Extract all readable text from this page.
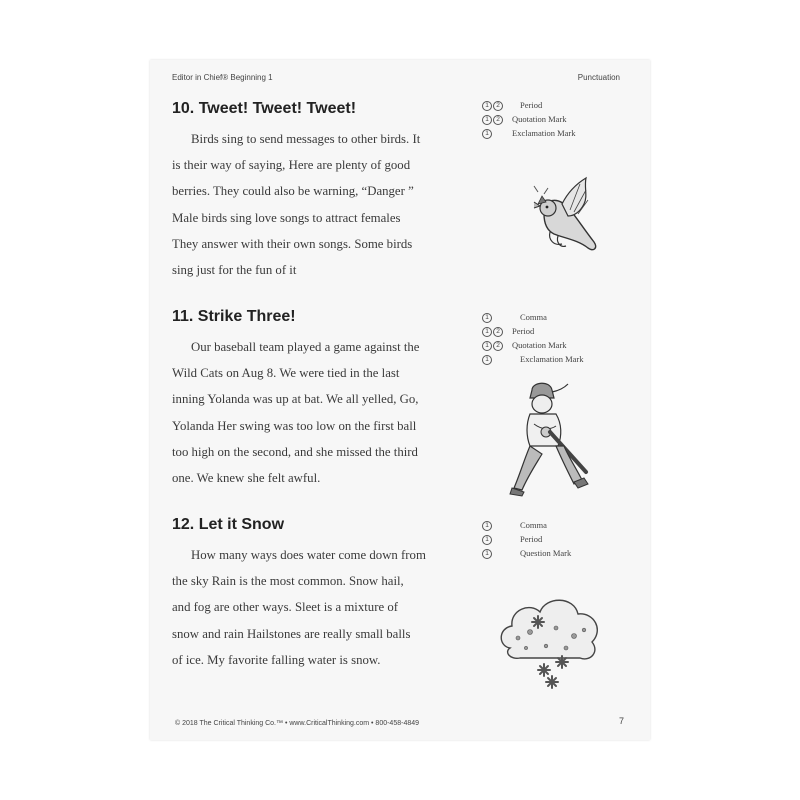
Editor in Chief® Beginning 1	Punctuation
10. Tweet! Tweet! Tweet!
Birds sing to send messages to other birds. It
is their way of saying, Here are plenty of good
berries. They could also be warning, “Danger ”
Male birds sing love songs to attract females
They answer with their own songs. Some birds
sing just for the fun of it
1 2 Period
1 2 Quotation Mark
1	Exclamation Mark
11. Strike Three!
Our baseball team played a game against the
Wild Cats on Aug 8. We were tied in the last
inning Yolanda was up at bat. We all yelled, Go,
Yolanda Her swing was too low on the first ball
too high on the second, and she missed the third
one. We knew she felt awful.
1	Comma
1 2 Period
1 2 Quotation Mark
1	Exclamation Mark
12. Let it Snow
How many ways does water come down from
the sky Rain is the most common. Snow hail,
and fog are other ways. Sleet is a mixture of
snow and rain Hailstones are really small balls
of ice. My favorite falling water is snow.
1	Comma
1	Period
1	Question Mark
© 2018 The Critical Thinking Co.™ • www.CriticalThinking.com • 800-458-4849	7
